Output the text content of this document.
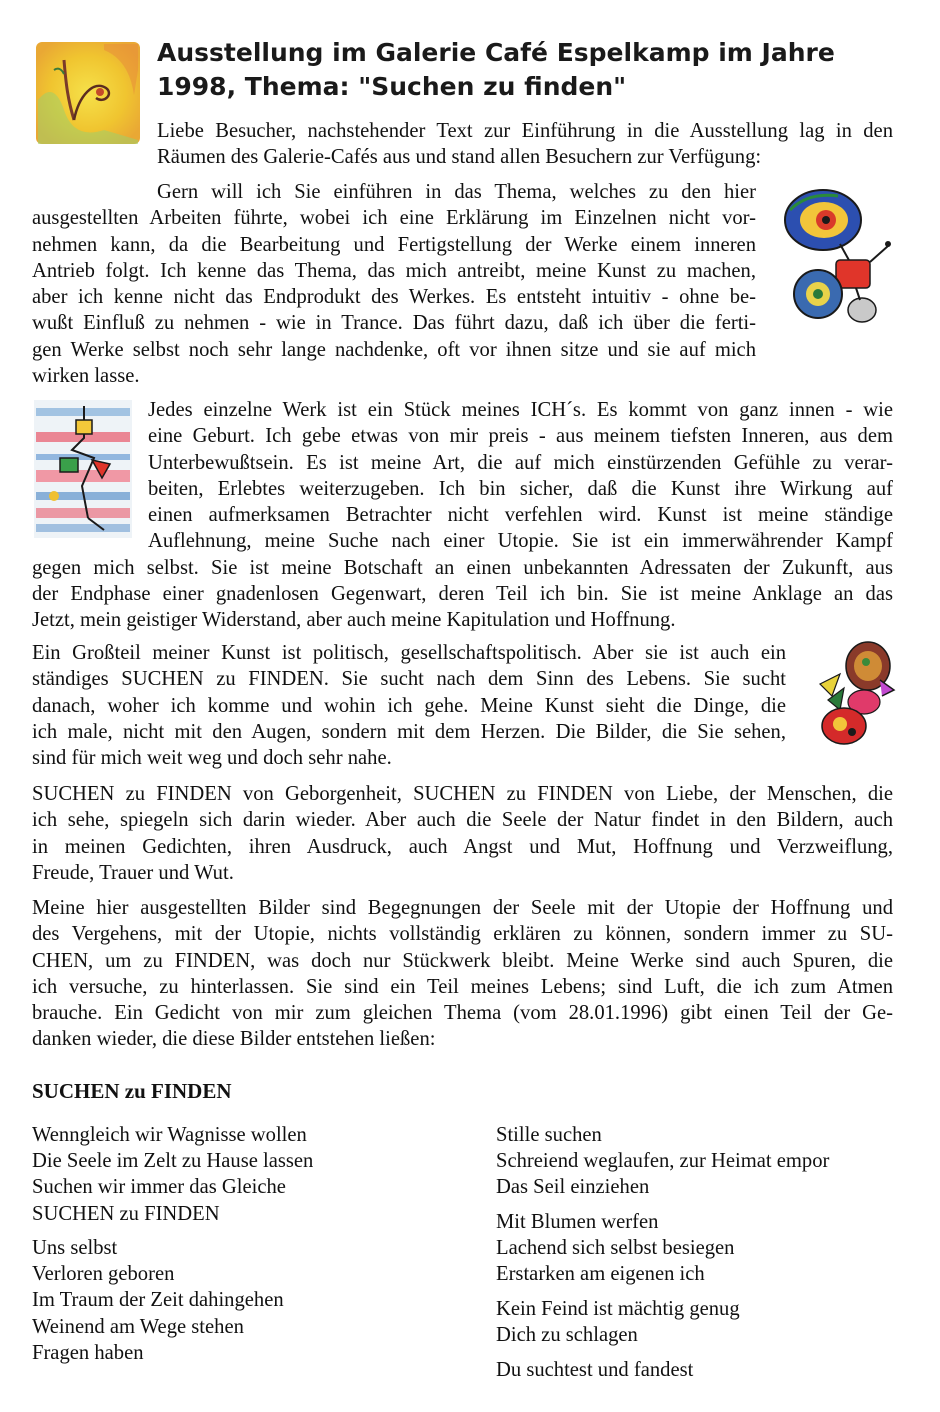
Ausstellung im Galerie Café Espelkamp im Jahre
1998, Thema: "Suchen zu finden"

Liebe Besucher, nachstehender Text zur Einführung in die Ausstellung lag in den
Räumen des Galerie-Cafés aus und stand allen Besuchern zur Verfügung:

Gern will ich Sie einführen in das Thema, welches zu den hier
ausgestellten Arbeiten führte, wobei ich eine Erklärung im Einzelnen nicht vor-
nehmen kann, da die Bearbeitung und Fertigstellung der Werke einem inneren
Antrieb folgt. Ich kenne das Thema, das mich antreibt, meine Kunst zu machen,
aber ich kenne nicht das Endprodukt des Werkes. Es entsteht intuitiv - ohne be-
wußt Einfluß zu nehmen - wie in Trance. Das führt dazu, daß ich über die ferti-
gen Werke selbst noch sehr lange nachdenke, oft vor ihnen sitze und sie auf mich
wirken lasse.

Jedes einzelne Werk ist ein Stück meines ICH´s. Es kommt von ganz innen - wie
eine Geburt. Ich gebe etwas von mir preis - aus meinem tiefsten Inneren, aus dem
Unterbewußtsein. Es ist meine Art, die auf mich einstürzenden Gefühle zu verar-
beiten, Erlebtes weiterzugeben. Ich bin sicher, daß die Kunst ihre Wirkung auf
einen aufmerksamen Betrachter nicht verfehlen wird. Kunst ist meine ständige
Auflehnung, meine Suche nach einer Utopie. Sie ist ein immerwährender Kampf
gegen mich selbst. Sie ist meine Botschaft an einen unbekannten Adressaten der Zukunft, aus
der Endphase einer gnadenlosen Gegenwart, deren Teil ich bin. Sie ist meine Anklage an das
Jetzt, mein geistiger Widerstand, aber auch meine Kapitulation und Hoffnung.

Ein Großteil meiner Kunst ist politisch, gesellschaftspolitisch. Aber sie ist auch ein
ständiges SUCHEN zu FINDEN. Sie sucht nach dem Sinn des Lebens. Sie sucht
danach, woher ich komme und wohin ich gehe. Meine Kunst sieht die Dinge, die
ich male, nicht mit den Augen, sondern mit dem Herzen. Die Bilder, die Sie sehen,
sind für mich weit weg und doch sehr nahe.

SUCHEN zu FINDEN von Geborgenheit, SUCHEN zu FINDEN von Liebe, der Menschen, die
ich sehe, spiegeln sich darin wieder. Aber auch die Seele der Natur findet in den Bildern, auch
in meinen Gedichten, ihren Ausdruck, auch Angst und Mut, Hoffnung und Verzweiflung,
Freude, Trauer und Wut.

Meine hier ausgestellten Bilder sind Begegnungen der Seele mit der Utopie der Hoffnung und
des Vergehens, mit der Utopie, nichts vollständig erklären zu können, sondern immer zu SU-
CHEN, um zu FINDEN, was doch nur Stückwerk bleibt. Meine Werke sind auch Spuren, die
ich versuche, zu hinterlassen. Sie sind ein Teil meines Lebens; sind Luft, die ich zum Atmen
brauche. Ein Gedicht von mir zum gleichen Thema (vom 28.01.1996) gibt einen Teil der Ge-
danken wieder, die diese Bilder entstehen ließen:

SUCHEN zu FINDEN

Wenngleich wir Wagnisse wollen
Die Seele im Zelt zu Hause lassen
Suchen wir immer das Gleiche
SUCHEN zu FINDEN
Uns selbst
Verloren geboren
Im Traum der Zeit dahingehen
Weinend am Wege stehen
Fragen haben
Stille suchen
Schreiend weglaufen, zur Heimat empor
Das Seil einziehen
Mit Blumen werfen
Lachend sich selbst besiegen
Erstarken am eigenen ich
Kein Feind ist mächtig genug
Dich zu schlagen
Du suchtest und fandest
